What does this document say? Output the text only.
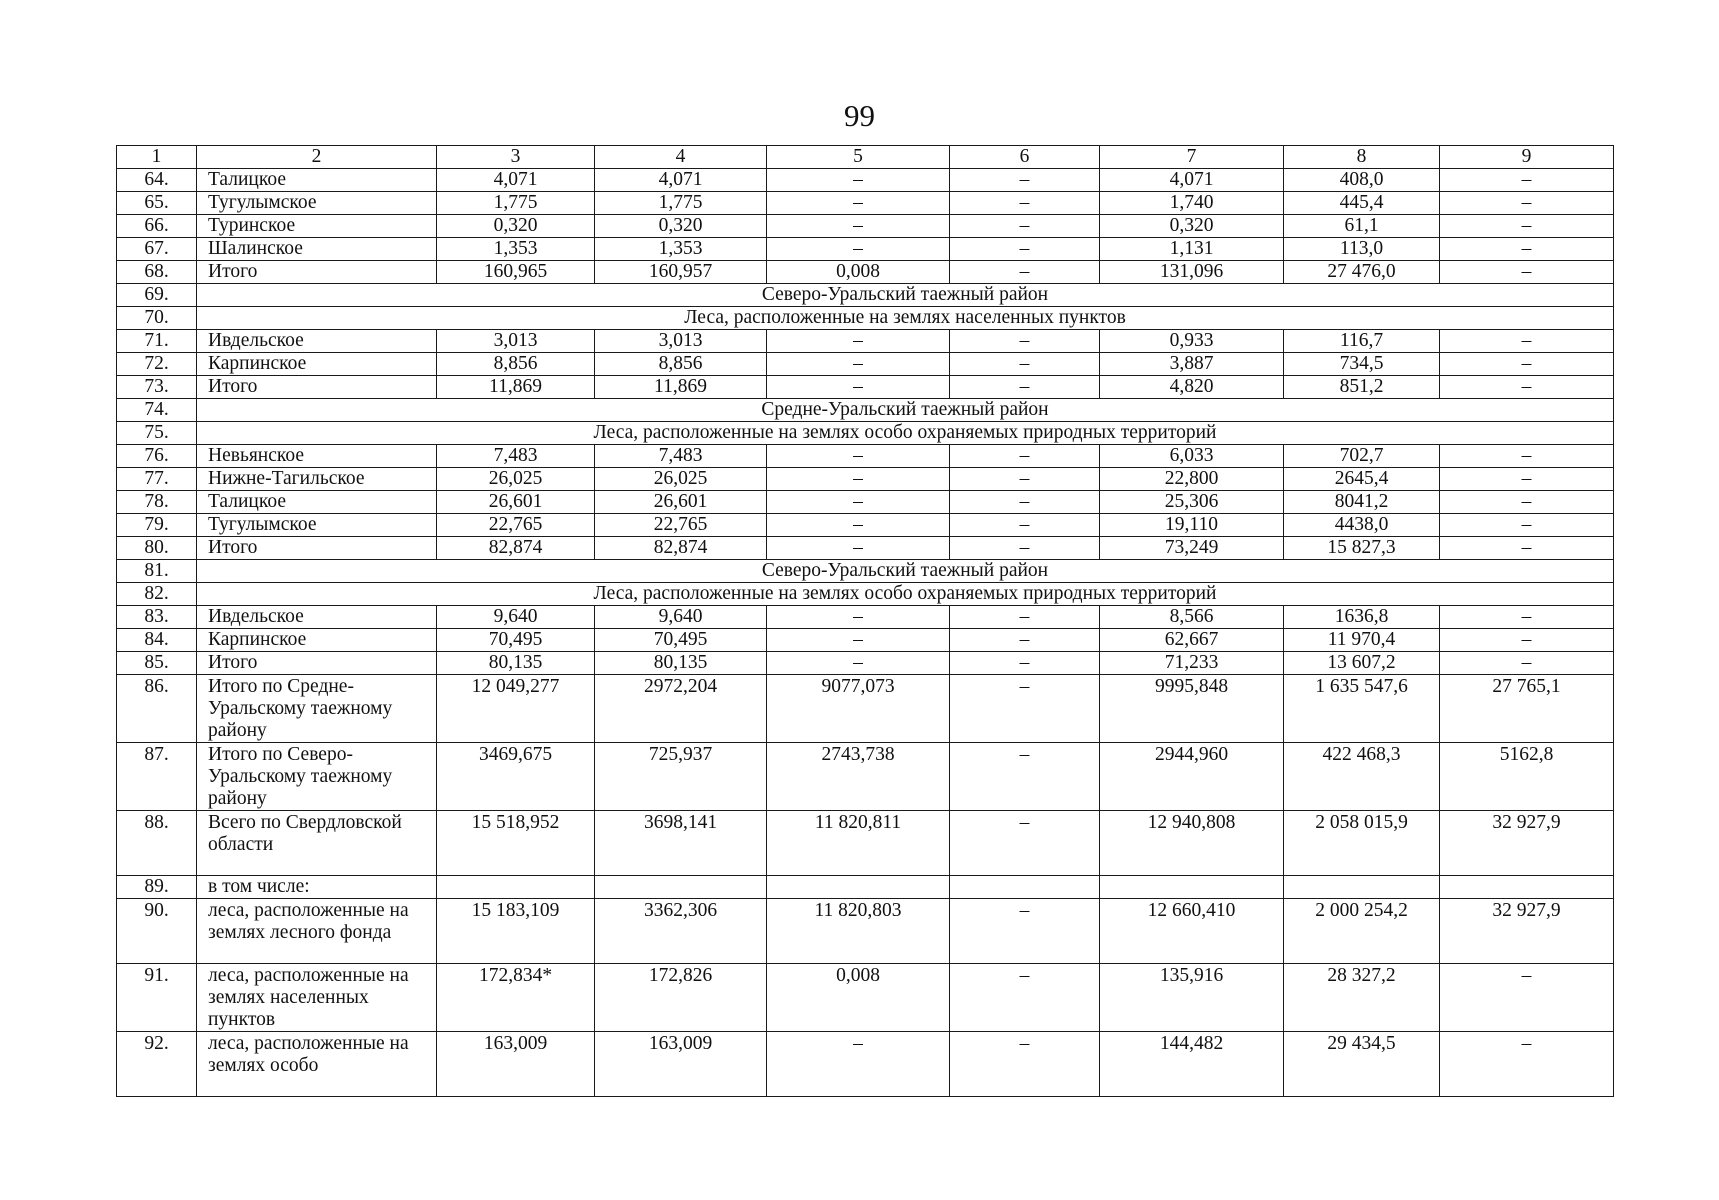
99
1	2	3	4	5	6	7	8	9
64.	Талицкое	4,071	4,071	–	–	4,071	408,0	–
65.	Тугулымское	1,775	1,775	–	–	1,740	445,4	–
66.	Туринское	0,320	0,320	–	–	0,320	61,1	–
67.	Шалинское	1,353	1,353	–	–	1,131	113,0	–
68.	Итого	160,965	160,957	0,008	–	131,096	27 476,0	–
69.	Северо-Уральский таежный район							
70.	Леса, расположенные на землях населенных пунктов							
71.	Ивдельское	3,013	3,013	–	–	0,933	116,7	–
72.	Карпинское	8,856	8,856	–	–	3,887	734,5	–
73.	Итого	11,869	11,869	–	–	4,820	851,2	–
74.	Средне-Уральский таежный район							
75.	Леса, расположенные на землях особо охраняемых природных территорий							
76.	Невьянское	7,483	7,483	–	–	6,033	702,7	–
77.	Нижне-Тагильское	26,025	26,025	–	–	22,800	2645,4	–
78.	Талицкое	26,601	26,601	–	–	25,306	8041,2	–
79.	Тугулымское	22,765	22,765	–	–	19,110	4438,0	–
80.	Итого	82,874	82,874	–	–	73,249	15 827,3	–
81.	Северо-Уральский таежный район							
82.	Леса, расположенные на землях особо охраняемых природных территорий							
83.	Ивдельское	9,640	9,640	–	–	8,566	1636,8	–
84.	Карпинское	70,495	70,495	–	–	62,667	11 970,4	–
85.	Итого	80,135	80,135	–	–	71,233	13 607,2	–
86.	Итого по Средне-Уральскому таежному району	12 049,277	2972,204	9077,073	–	9995,848	1 635 547,6	27 765,1
87.	Итого по Северо-Уральскому таежному району	3469,675	725,937	2743,738	–	2944,960	422 468,3	5162,8
88.	Всего по Свердловской области	15 518,952	3698,141	11 820,811	–	12 940,808	2 058 015,9	32 927,9
89.	в том числе:							
90.	леса, расположенные на землях лесного фонда	15 183,109	3362,306	11 820,803	–	12 660,410	2 000 254,2	32 927,9
91.	леса, расположенные на землях населенных пунктов	172,834*	172,826	0,008	–	135,916	28 327,2	–
92.	леса, расположенные на землях особо	163,009	163,009	–	–	144,482	29 434,5	–
